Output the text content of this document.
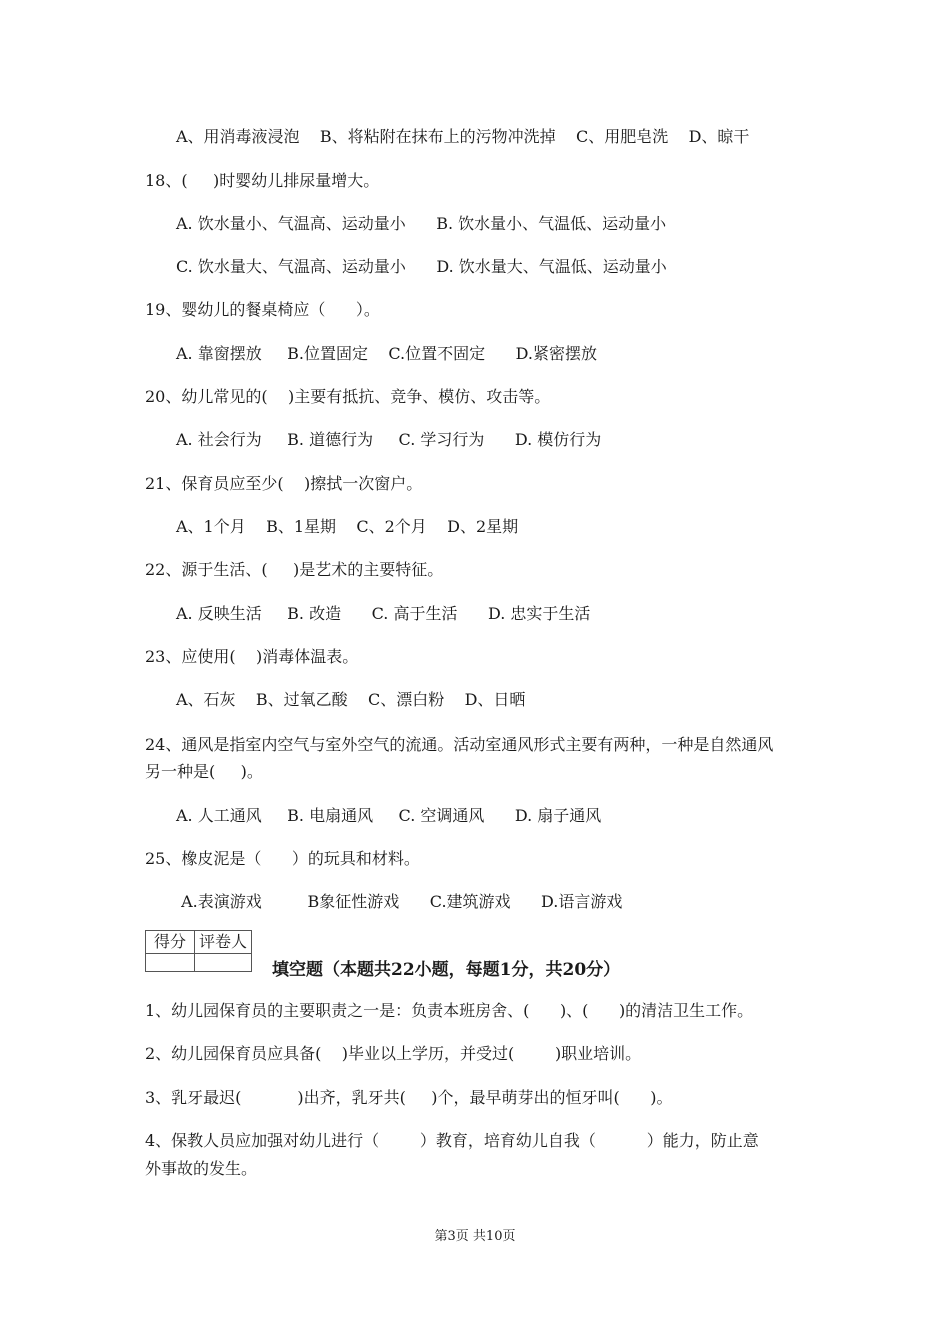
A、用消毒液浸泡    B、将粘附在抹布上的污物冲洗掉    C、用肥皂洗    D、晾干
18、(     )时婴幼儿排尿量增大。
A. 饮水量小、气温高、运动量小      B. 饮水量小、气温低、运动量小
C. 饮水量大、气温高、运动量小      D. 饮水量大、气温低、运动量小
19、婴幼儿的餐桌椅应（      ）。
A. 靠窗摆放     B.位置固定    C.位置不固定      D.紧密摆放
20、幼儿常见的(    )主要有抵抗、竞争、模仿、攻击等。
A. 社会行为     B. 道德行为     C. 学习行为      D. 模仿行为
21、保育员应至少(    )擦拭一次窗户。
A、1个月    B、1星期    C、2个月    D、2星期
22、源于生活、(     )是艺术的主要特征。
A. 反映生活     B. 改造      C. 高于生活      D. 忠实于生活
23、应使用(    )消毒体温表。
A、石灰    B、过氧乙酸    C、漂白粉    D、日晒
24、通风是指室内空气与室外空气的流通。活动室通风形式主要有两种，一种是自然通风
另一种是(     )。
A. 人工通风     B. 电扇通风     C. 空调通风      D. 扇子通风
25、橡皮泥是（      ）的玩具和材料。
A.表演游戏         B象征性游戏      C.建筑游戏      D.语言游戏
得分	评卷人

填空题（本题共22小题，每题1分，共20分）
1、幼儿园保育员的主要职责之一是：负责本班房舍、(      )、(      )的清洁卫生工作。
2、幼儿园保育员应具备(    )毕业以上学历，并受过(        )职业培训。
3、乳牙最迟(           )出齐，乳牙共(     )个，最早萌芽出的恒牙叫(      )。
4、保教人员应加强对幼儿进行（        ）教育，培育幼儿自我（          ）能力，防止意
外事故的发生。
第3页 共10页
